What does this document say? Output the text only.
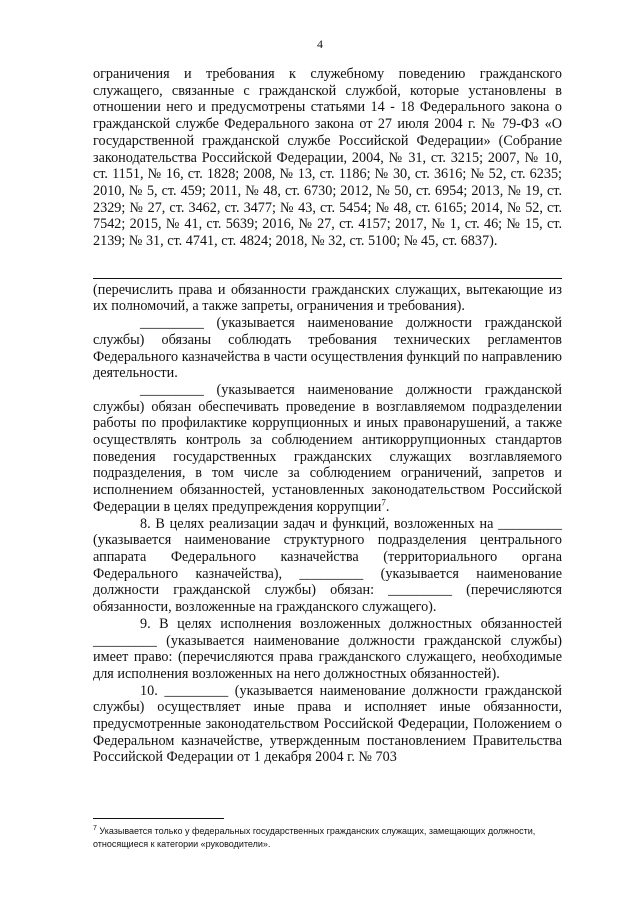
4

ограничения и требования к служебному поведению гражданского служащего, связанные с гражданской службой, которые установлены в отношении него и предусмотрены статьями 14 - 18 Федерального закона о гражданской службе Федерального закона от 27 июля 2004 г. № 79-ФЗ «О государственной гражданской службе Российской Федерации» (Собрание законодательства Российской Федерации, 2004, № 31, ст. 3215; 2007, № 10, ст. 1151, № 16, ст. 1828; 2008, № 13, ст. 1186; № 30, ст. 3616; № 52, ст. 6235; 2010, № 5, ст. 459; 2011, № 48, ст. 6730; 2012, № 50, ст. 6954; 2013, № 19, ст. 2329; № 27, ст. 3462, ст. 3477; № 43, ст. 5454; № 48, ст. 6165; 2014, № 52, ст. 7542; 2015, № 41, ст. 5639; 2016, № 27, ст. 4157; 2017, № 1, ст. 46; № 15, ст. 2139; № 31, ст. 4741, ст. 4824; 2018, № 32, ст. 5100; № 45, ст. 6837).

(перечислить права и обязанности гражданских служащих, вытекающие из их полномочий, а также запреты, ограничения и требования).

_________ (указывается наименование должности гражданской службы) обязаны соблюдать требования технических регламентов Федерального казначейства в части осуществления функций по направлению деятельности.

_________ (указывается наименование должности гражданской службы) обязан обеспечивать проведение в возглавляемом подразделении работы по профилактике коррупционных и иных правонарушений, а также осуществлять контроль за соблюдением антикоррупционных стандартов поведения государственных гражданских служащих возглавляемого подразделения, в том числе за соблюдением ограничений, запретов и исполнением обязанностей, установленных законодательством Российской Федерации в целях предупреждения коррупции$^7$.

8. В целях реализации задач и функций, возложенных на _________ (указывается наименование структурного подразделения центрального аппарата Федерального казначейства (территориального органа Федерального казначейства), _________ (указывается наименование должности гражданской службы) обязан: _________ (перечисляются обязанности, возложенные на гражданского служащего).

9. В целях исполнения возложенных должностных обязанностей _________ (указывается наименование должности гражданской службы) имеет право: (перечисляются права гражданского служащего, необходимые для исполнения возложенных на него должностных обязанностей).

10. _________ (указывается наименование должности гражданской службы) осуществляет иные права и исполняет иные обязанности, предусмотренные законодательством Российской Федерации, Положением о Федеральном казначействе, утвержденным постановлением Правительства Российской Федерации от 1 декабря 2004 г. № 703

$^7$ Указывается только у федеральных государственных гражданских служащих, замещающих должности, относящиеся к категории «руководители».
